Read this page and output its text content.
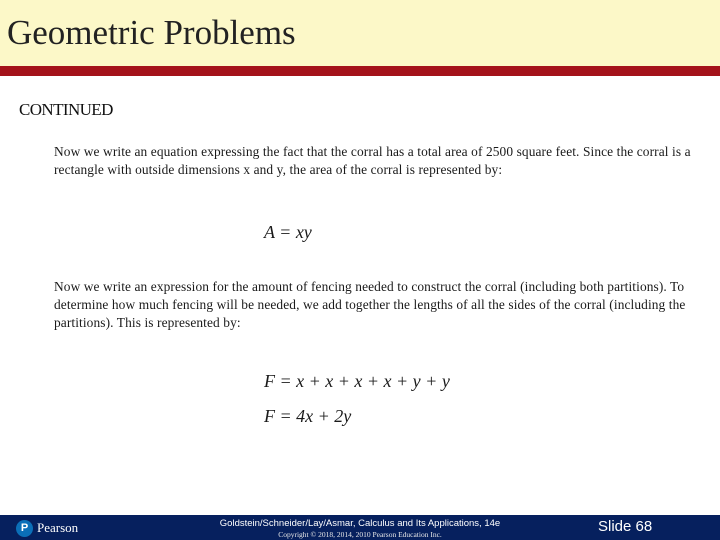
Geometric Problems
CONTINUED
Now we write an equation expressing the fact that the corral has a total area of 2500 square feet. Since the corral is a rectangle with outside dimensions x and y, the area of the corral is represented by:
A = xy
Now we write an expression for the amount of fencing needed to construct the corral (including both partitions). To determine how much fencing will be needed, we add together the lengths of all the sides of the corral (including the partitions). This is represented by:
F = x + x + x + x + y + y
F = 4x + 2y
P Pearson	Goldstein/Schneider/Lay/Asmar, Calculus and Its Applications, 14e
Copyright © 2018, 2014, 2010 Pearson Education Inc.	Slide 68
